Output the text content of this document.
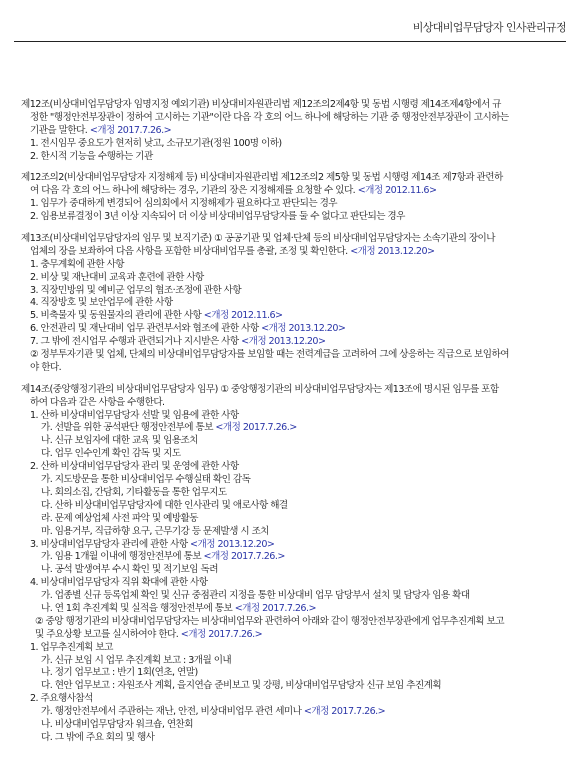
비상대비업무담당자 인사관리규정
제12조(비상대비업무담당자 임명지정 예외기관) 비상대비자원관리법 제12조의2제4항 및 동법 시행령 제14조제4항에서 규
정한 "행정안전부장관이 정하여 고시하는 기관"이란 다음 각 호의 어느 하나에 해당하는 기관 중 행정안전부장관이 고시하는
기관을 말한다. <개정 2017.7.26.>
1. 전시임무 중요도가 현저히 낮고, 소규모기관(정원 100명 이하)
2. 한시적 기능을 수행하는 기관
제12조의2(비상대비업무담당자 지정해제 등) 비상대비자원관리법 제12조의2 제5항 및 동법 시행령 제14조 제7항과 관련하
여 다음 각 호의 어느 하나에 해당하는 경우, 기관의 장은 지정해제를 요청할 수 있다. <개정 2012.11.6>
1. 임무가 중대하게 변경되어 심의회에서 지정해제가 필요하다고 판단되는 경우
2. 임용보류결정이 3년 이상 지속되어 더 이상 비상대비업무담당자를 둘 수 없다고 판단되는 경우
제13조(비상대비업무담당자의 임무 및 보직기준) ① 공공기관 및 업체·단체 등의 비상대비업무담당자는 소속기관의 장이나
업체의 장을 보좌하여 다음 사항을 포함한 비상대비업무를 총괄, 조정 및 확인한다. <개정 2013.12.20>
1. 충무계획에 관한 사항
2. 비상 및 재난대비 교육과 훈련에 관한 사항
3. 직장민방위 및 예비군 업무의 협조·조정에 관한 사항
4. 직장방호 및 보안업무에 관한 사항
5. 비축물자 및 동원물자의 관리에 관한 사항 <개정 2012.11.6>
6. 안전관리 및 재난대비 업무 관련부서와 협조에 관한 사항 <개정 2013.12.20>
7. 그 밖에 전시업무 수행과 관련되거나 지시받은 사항 <개정 2013.12.20>
② 정부투자기관 및 업체, 단체의 비상대비업무담당자를 보임할 때는 전력계급을 고려하여 그에 상응하는 직급으로 보임하여
야 한다.
제14조(중앙행정기관의 비상대비업무담당자 임무) ① 중앙행정기관의 비상대비업무담당자는 제13조에 명시된 임무를 포함
하여 다음과 같은 사항을 수행한다.
1. 산하 비상대비업무담당자 선발 및 임용에 관한 사항
가. 선발을 위한 공석판단 행정안전부에 통보 <개정 2017.7.26.>
나. 신규 보임자에 대한 교육 및 임용조치
다. 업무 인수인계 확인 감독 및 지도
2. 산하 비상대비업무담당자 관리 및 운영에 관한 사항
가. 지도방문을 통한 비상대비업무 수행실태 확인 감독
나. 회의소집, 간담회, 기타활동을 통한 업무지도
다. 산하 비상대비업무담당자에 대한 인사관리 및 애로사항 해결
라. 문제 예상업체 사전 파악 및 예방활동
마. 임용거부, 직급하향 요구, 근무기강 등 문제발생 시 조치
3. 비상대비업무담당자 관리에 관한 사항 <개정 2013.12.20>
가. 임용 1개월 이내에 행정안전부에 통보 <개정 2017.7.26.>
나. 공석 발생여부 수시 확인 및 적기보임 독려
4. 비상대비업무담당자 직위 확대에 관한 사항
가. 업종별 신규 등록업체 확인 및 신규 중점관리 지정을 통한 비상대비 업무 담당부서 설치 및 담당자 임용 확대
나. 연 1회 추진계획 및 실적을 행정안전부에 통보 <개정 2017.7.26.>
② 중앙 행정기관의 비상대비업무담당자는 비상대비업무와 관련하여 아래와 같이 행정안전부장관에게 업무추진계획 보고
및 주요상황 보고를 실시하여야 한다. <개정 2017.7.26.>
1. 업무추진계획 보고
가. 신규 보임 시 업무 추진계획 보고 : 3개월 이내
나. 정기 업무보고 : 반기 1회(연초, 연말)
다. 현안 업무보고 : 자원조사 계획, 을지연습 준비보고 및 강평, 비상대비업무담당자 신규 보임 추진계획
2. 주요행사참석
가. 행정안전부에서 주관하는 재난, 안전, 비상대비업무 관련 세미나 <개정 2017.7.26.>
나. 비상대비업무담당자 워크숍, 연찬회
다. 그 밖에 주요 회의 및 행사
